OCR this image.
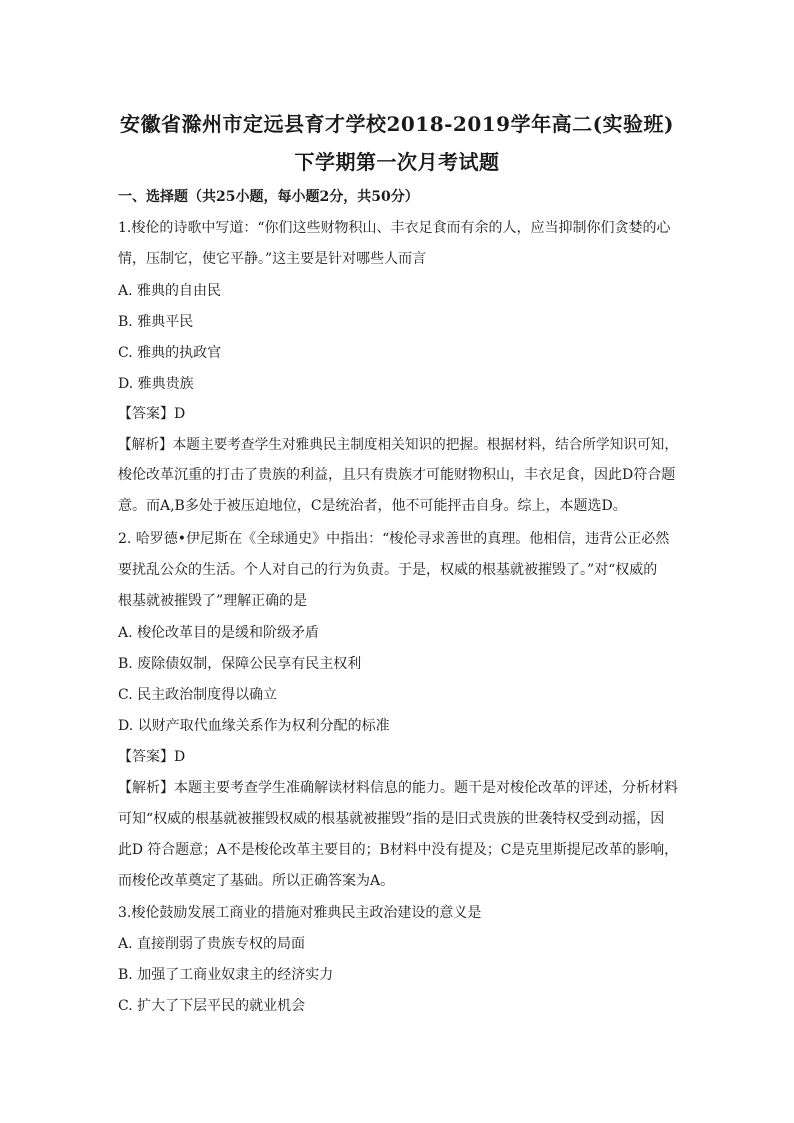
安徽省滁州市定远县育才学校2018-2019学年高二(实验班)
下学期第一次月考试题
一、选择题（共25小题，每小题2分，共50分）
1.梭伦的诗歌中写道：“你们这些财物积山、丰衣足食而有余的人，应当抑制你们贪婪的心
情，压制它，使它平静。”这主要是针对哪些人而言
A. 雅典的自由民
B. 雅典平民
C. 雅典的执政官
D. 雅典贵族
【答案】D
【解析】本题主要考查学生对雅典民主制度相关知识的把握。根据材料，结合所学知识可知，
梭伦改革沉重的打击了贵族的利益，且只有贵族才可能财物积山，丰衣足食，因此D符合题
意。而A,B多处于被压迫地位，C是统治者，他不可能抨击自身。综上，本题选D。
2. 哈罗德•伊尼斯在《全球通史》中指出：“梭伦寻求善世的真理。他相信，违背公正必然
要扰乱公众的生活。个人对自己的行为负责。于是，权威的根基就被摧毁了。”对“权威的
根基就被摧毁了”理解正确的是
A. 梭伦改革目的是缓和阶级矛盾
B. 废除债奴制，保障公民享有民主权利
C. 民主政治制度得以确立
D. 以财产取代血缘关系作为权利分配的标准
【答案】D
【解析】本题主要考查学生准确解读材料信息的能力。题干是对梭伦改革的评述，分析材料
可知“权威的根基就被摧毁权威的根基就被摧毁”指的是旧式贵族的世袭特权受到动摇，因
此D 符合题意；A不是梭伦改革主要目的；B材料中没有提及；C是克里斯提尼改革的影响，
而梭伦改革奠定了基础。所以正确答案为A。
3.梭伦鼓励发展工商业的措施对雅典民主政治建设的意义是
A. 直接削弱了贵族专权的局面
B. 加强了工商业奴隶主的经济实力
C. 扩大了下层平民的就业机会
